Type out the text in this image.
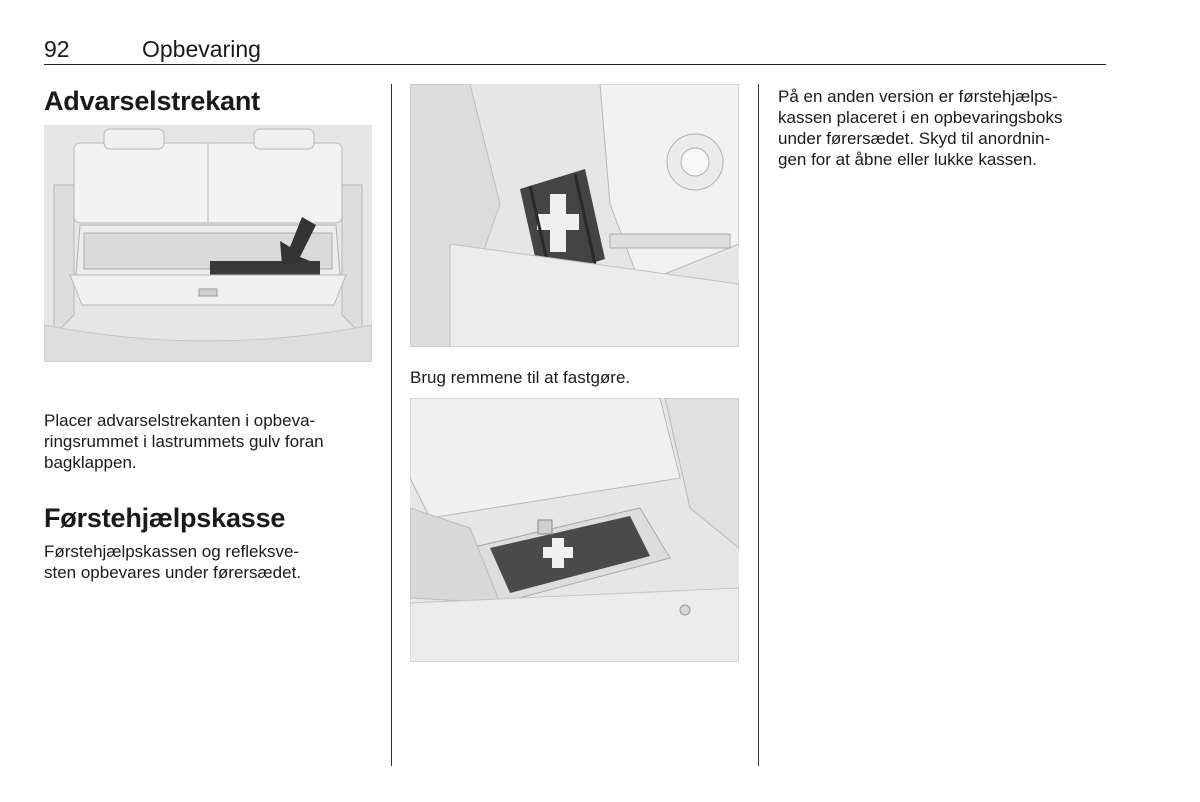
92	Opbevaring
Advarselstrekant

Placer advarselstrekanten i opbeva-
ringsrummet i lastrummets gulv foran
bagklappen.

Førstehjælpskasse

Førstehjælpskassen og refleksve-
sten opbevares under førersædet.

Brug remmene til at fastgøre.

På en anden version er førstehjælps-
kassen placeret i en opbevaringsboks
under førersædet. Skyd til anordnin-
gen for at åbne eller lukke kassen.
